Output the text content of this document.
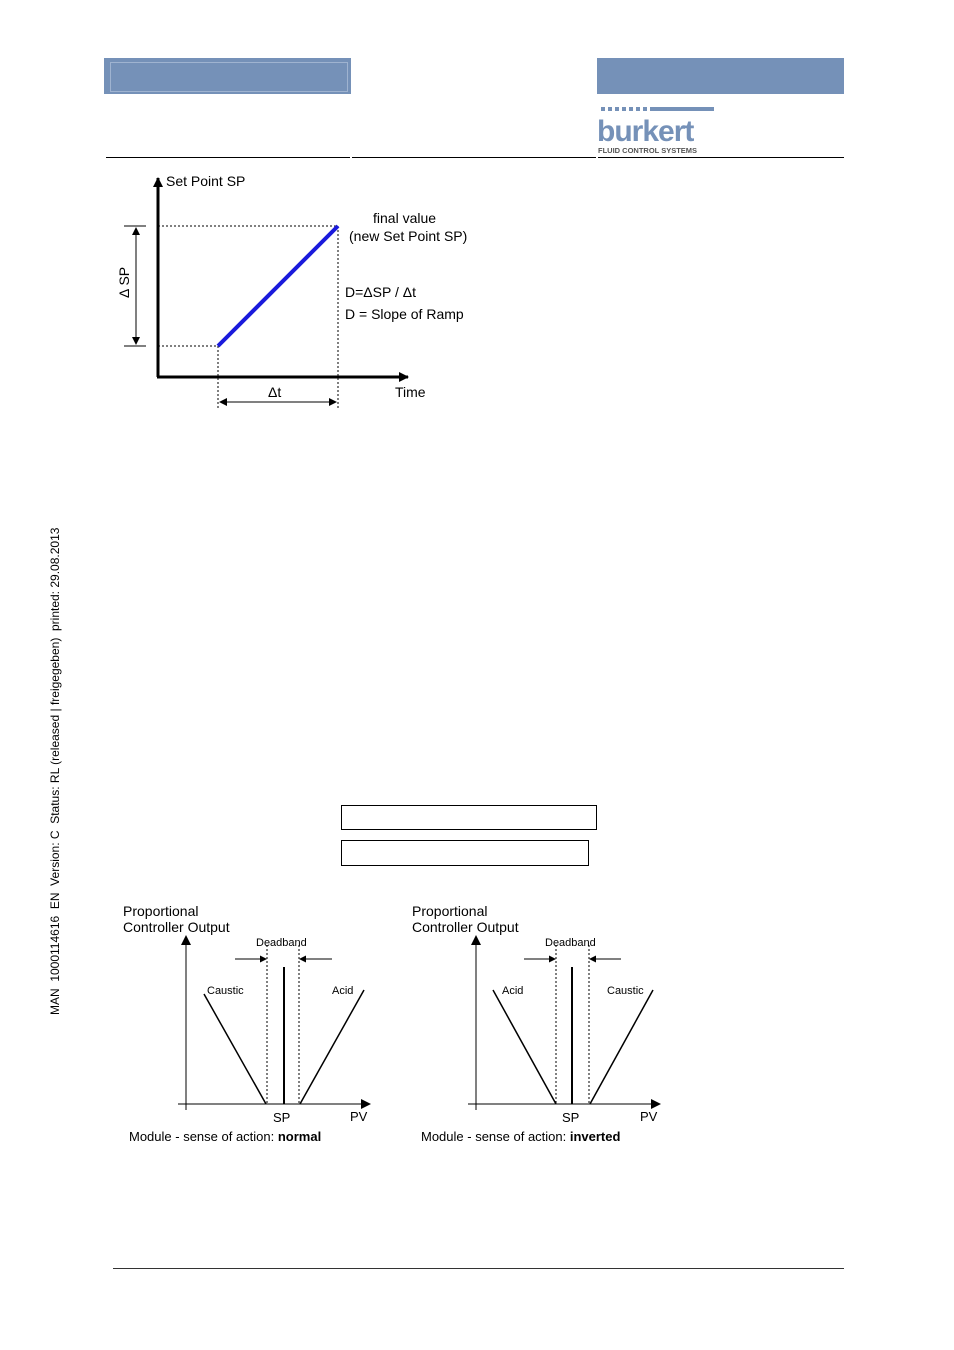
burkert
FLUID CONTROL SYSTEMS
MAN  1000114616  EN  Version: C  Status: RL (released | freigegeben)  printed: 29.08.2013
Set Point SP
Time
Δ SP
Δt
final value
(new Set Point SP)
D=ΔSP / Δt
D = Slope of Ramp
Proportional
Controller Output
Deadband
Caustic	Acid
SP	PV
Module - sense of action: normal
Proportional
Controller Output
Deadband
Acid	Caustic
SP	PV
Module - sense of action: inverted
